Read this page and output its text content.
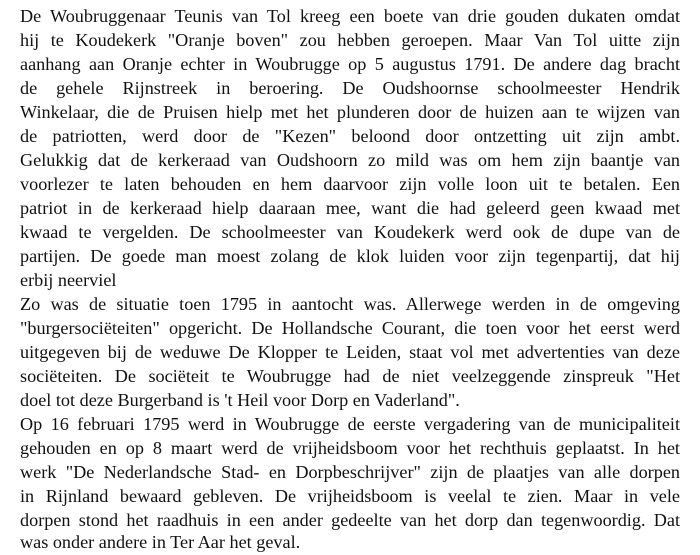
De Woubruggenaar Teunis van Tol kreeg een boete van drie gouden dukaten omdat
hij te Koudekerk "Oranje boven" zou hebben geroepen. Maar Van Tol uitte zijn
aanhang aan Oranje echter in Woubrugge op 5 augustus 1791. De andere dag bracht
de gehele Rijnstreek in beroering. De Oudshoornse schoolmeester Hendrik
Winkelaar, die de Pruisen hielp met het plunderen door de huizen aan te wijzen van
de patriotten, werd door de "Kezen" beloond door ontzetting uit zijn ambt.
Gelukkig dat de kerkeraad van Oudshoorn zo mild was om hem zijn baantje van
voorlezer te laten behouden en hem daarvoor zijn volle loon uit te betalen. Een
patriot in de kerkeraad hielp daaraan mee, want die had geleerd geen kwaad met
kwaad te vergelden. De schoolmeester van Koudekerk werd ook de dupe van de
partijen. De goede man moest zolang de klok luiden voor zijn tegenpartij, dat hij
erbij neerviel
Zo was de situatie toen 1795 in aantocht was. Allerwege werden in de omgeving
"burgersociëteiten" opgericht. De Hollandsche Courant, die toen voor het eerst werd
uitgegeven bij de weduwe De Klopper te Leiden, staat vol met advertenties van deze
sociëteiten. De sociëteit te Woubrugge had de niet veelzeggende zinspreuk "Het
doel tot deze Burgerband is 't Heil voor Dorp en Vaderland".
Op 16 februari 1795 werd in Woubrugge de eerste vergadering van de municipaliteit
gehouden en op 8 maart werd de vrijheidsboom voor het rechthuis geplaatst. In het
werk "De Nederlandsche Stad- en Dorpbeschrijver" zijn de plaatjes van alle dorpen
in Rijnland bewaard gebleven. De vrijheidsboom is veelal te zien. Maar in vele
dorpen stond het raadhuis in een ander gedeelte van het dorp dan tegenwoordig. Dat
was onder andere in Ter Aar het geval.
